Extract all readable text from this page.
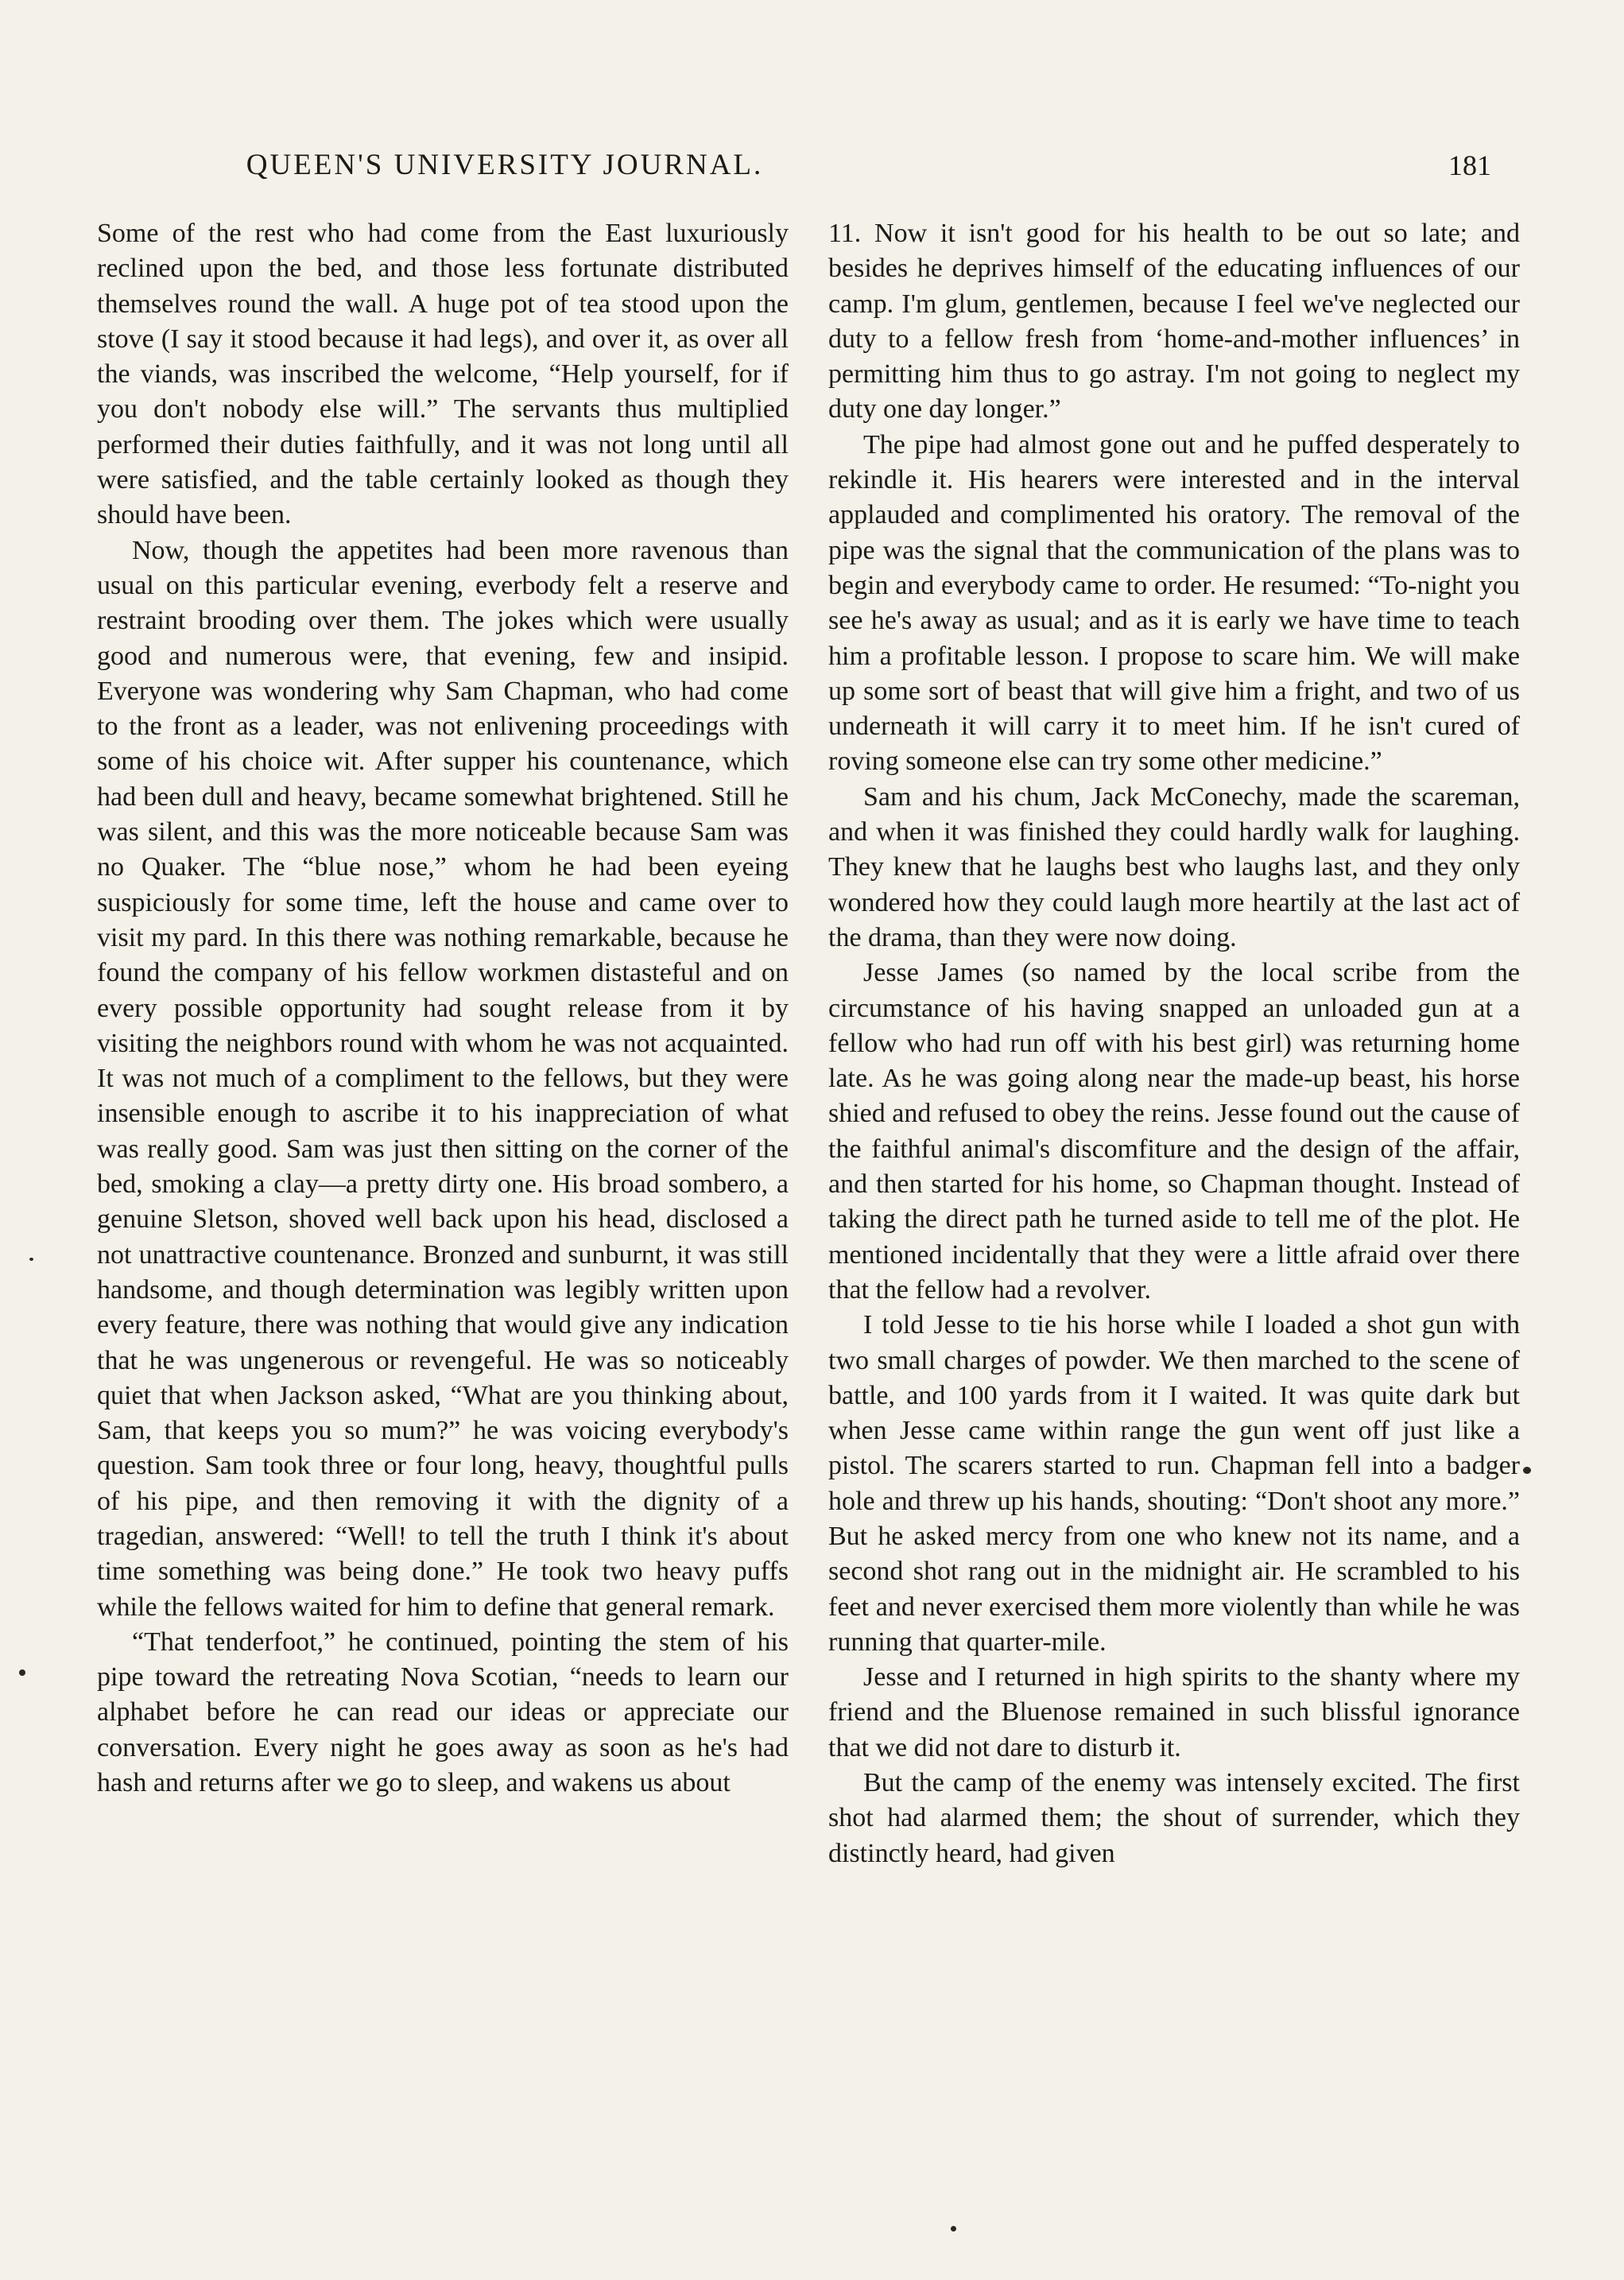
QUEEN'S UNIVERSITY JOURNAL.	181

Some of the rest who had come from the East luxuriously reclined upon the bed, and those less fortunate distributed themselves round the wall. A huge pot of tea stood upon the stove (I say it stood because it had legs), and over it, as over all the viands, was inscribed the welcome, “Help yourself, for if you don't nobody else will.” The servants thus multiplied performed their duties faithfully, and it was not long until all were satisfied, and the table certainly looked as though they should have been.

Now, though the appetites had been more ravenous than usual on this particular evening, everbody felt a reserve and restraint brooding over them. The jokes which were usually good and numerous were, that evening, few and insipid. Everyone was wondering why Sam Chapman, who had come to the front as a leader, was not enlivening proceedings with some of his choice wit. After supper his countenance, which had been dull and heavy, became somewhat brightened. Still he was silent, and this was the more noticeable because Sam was no Quaker. The “blue nose,” whom he had been eyeing suspiciously for some time, left the house and came over to visit my pard. In this there was nothing remarkable, because he found the company of his fellow workmen distasteful and on every possible opportunity had sought release from it by visiting the neighbors round with whom he was not acquainted. It was not much of a compliment to the fellows, but they were insensible enough to ascribe it to his inappreciation of what was really good. Sam was just then sitting on the corner of the bed, smoking a clay—a pretty dirty one. His broad sombero, a genuine Sletson, shoved well back upon his head, disclosed a not unattractive countenance. Bronzed and sunburnt, it was still handsome, and though determination was legibly written upon every feature, there was nothing that would give any indication that he was ungenerous or revengeful. He was so noticeably quiet that when Jackson asked, “What are you thinking about, Sam, that keeps you so mum?” he was voicing everybody's question. Sam took three or four long, heavy, thoughtful pulls of his pipe, and then removing it with the dignity of a tragedian, answered: “Well! to tell the truth I think it's about time something was being done.” He took two heavy puffs while the fellows waited for him to define that general remark.

“That tenderfoot,” he continued, pointing the stem of his pipe toward the retreating Nova Scotian, “needs to learn our alphabet before he can read our ideas or appreciate our conversation. Every night he goes away as soon as he's had hash and returns after we go to sleep, and wakens us about

11. Now it isn't good for his health to be out so late; and besides he deprives himself of the educating influences of our camp. I'm glum, gentlemen, because I feel we've neglected our duty to a fellow fresh from ‘home-and-mother influences’ in permitting him thus to go astray. I'm not going to neglect my duty one day longer.”

The pipe had almost gone out and he puffed desperately to rekindle it. His hearers were interested and in the interval applauded and complimented his oratory. The removal of the pipe was the signal that the communication of the plans was to begin and everybody came to order. He resumed: “To-night you see he's away as usual; and as it is early we have time to teach him a profitable lesson. I propose to scare him. We will make up some sort of beast that will give him a fright, and two of us underneath it will carry it to meet him. If he isn't cured of roving someone else can try some other medicine.”

Sam and his chum, Jack McConechy, made the scareman, and when it was finished they could hardly walk for laughing. They knew that he laughs best who laughs last, and they only wondered how they could laugh more heartily at the last act of the drama, than they were now doing.

Jesse James (so named by the local scribe from the circumstance of his having snapped an unloaded gun at a fellow who had run off with his best girl) was returning home late. As he was going along near the made-up beast, his horse shied and refused to obey the reins. Jesse found out the cause of the faithful animal's discomfiture and the design of the affair, and then started for his home, so Chapman thought. Instead of taking the direct path he turned aside to tell me of the plot. He mentioned incidentally that they were a little afraid over there that the fellow had a revolver.

I told Jesse to tie his horse while I loaded a shot gun with two small charges of powder. We then marched to the scene of battle, and 100 yards from it I waited. It was quite dark but when Jesse came within range the gun went off just like a pistol. The scarers started to run. Chapman fell into a badger hole and threw up his hands, shouting: “Don't shoot any more.” But he asked mercy from one who knew not its name, and a second shot rang out in the midnight air. He scrambled to his feet and never exercised them more violently than while he was running that quarter-mile.

Jesse and I returned in high spirits to the shanty where my friend and the Bluenose remained in such blissful ignorance that we did not dare to disturb it.

But the camp of the enemy was intensely excited. The first shot had alarmed them; the shout of surrender, which they distinctly heard, had given
